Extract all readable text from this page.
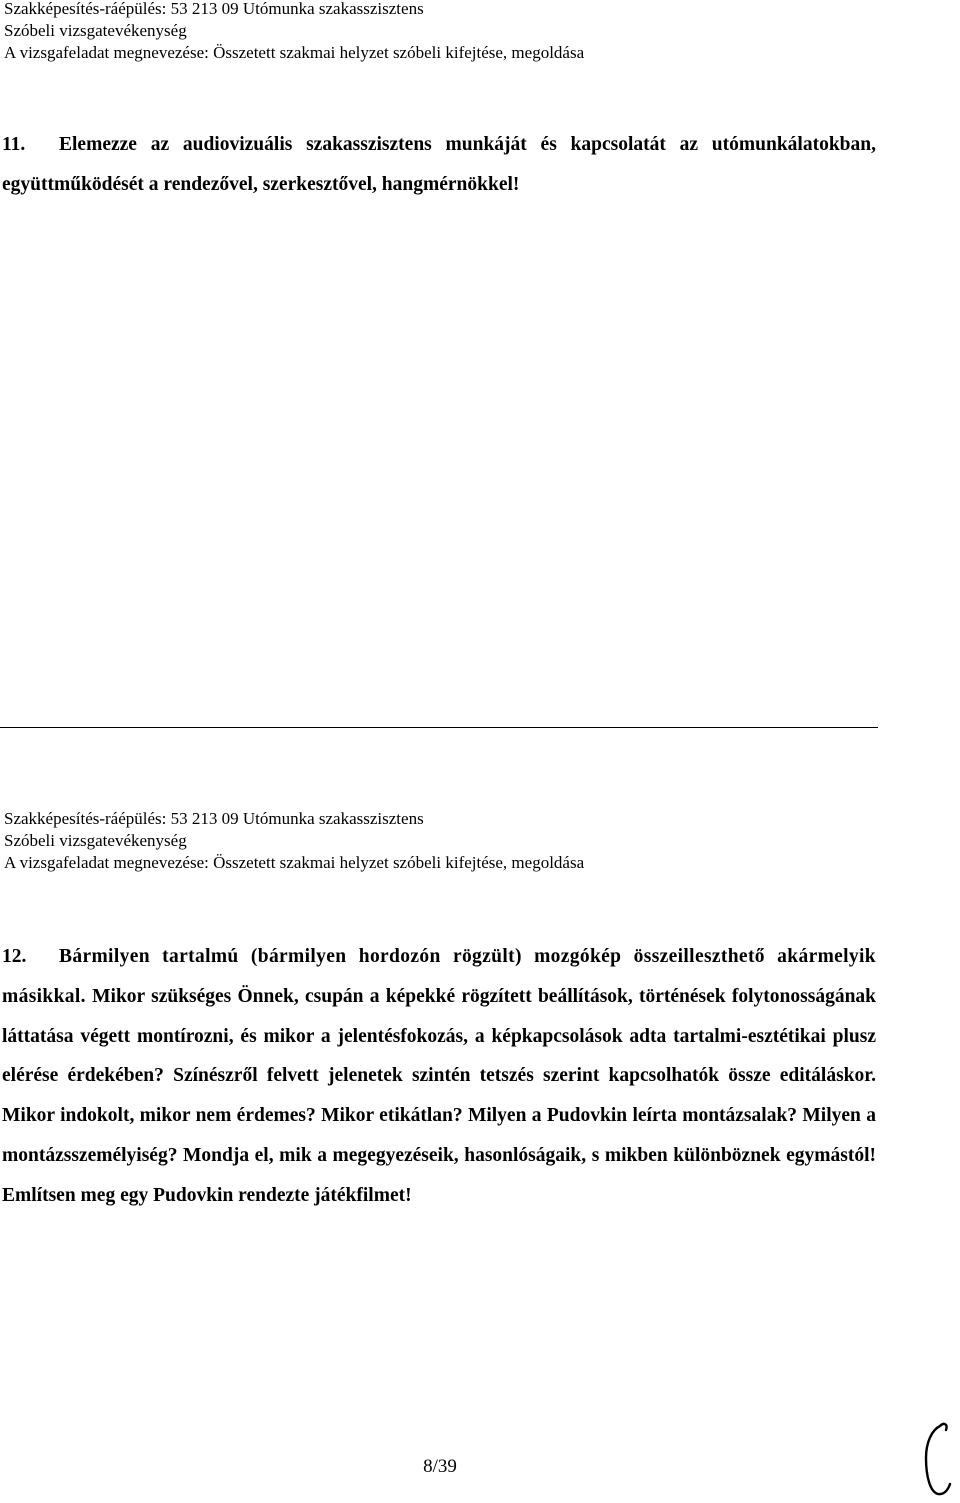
Szakképesítés-ráépülés: 53 213 09 Utómunka szakasszisztens
Szóbeli vizsgatevékenység
A vizsgafeladat megnevezése: Összetett szakmai helyzet szóbeli kifejtése, megoldása
11. Elemezze az audiovizuális szakasszisztens munkáját és kapcsolatát az utómunkálatokban, együttműködését a rendezővel, szerkesztővel, hangmérnökkel!
Szakképesítés-ráépülés: 53 213 09 Utómunka szakasszisztens
Szóbeli vizsgatevékenység
A vizsgafeladat megnevezése: Összetett szakmai helyzet szóbeli kifejtése, megoldása
12. Bármilyen tartalmú (bármilyen hordozón rögzült) mozgókép összeilleszthető akármelyik másikkal. Mikor szükséges Önnek, csupán a képekké rögzített beállítások, történések folytonosságának láttatása végett montírozni, és mikor a jelentésfokozás, a képkapcsolások adta tartalmi-esztétikai plusz elérése érdekében? Színészről felvett jelenetek szintén tetszés szerint kapcsolhatók össze editáláskor. Mikor indokolt, mikor nem érdemes? Mikor etikátlan? Milyen a Pudovkin leírta montázsalak? Milyen a montázsszemélyiség? Mondja el, mik a megegyezéseik, hasonlóságaik, s mikben különböznek egymástól! Említsen meg egy Pudovkin rendezte játékfilmet!
8/39
